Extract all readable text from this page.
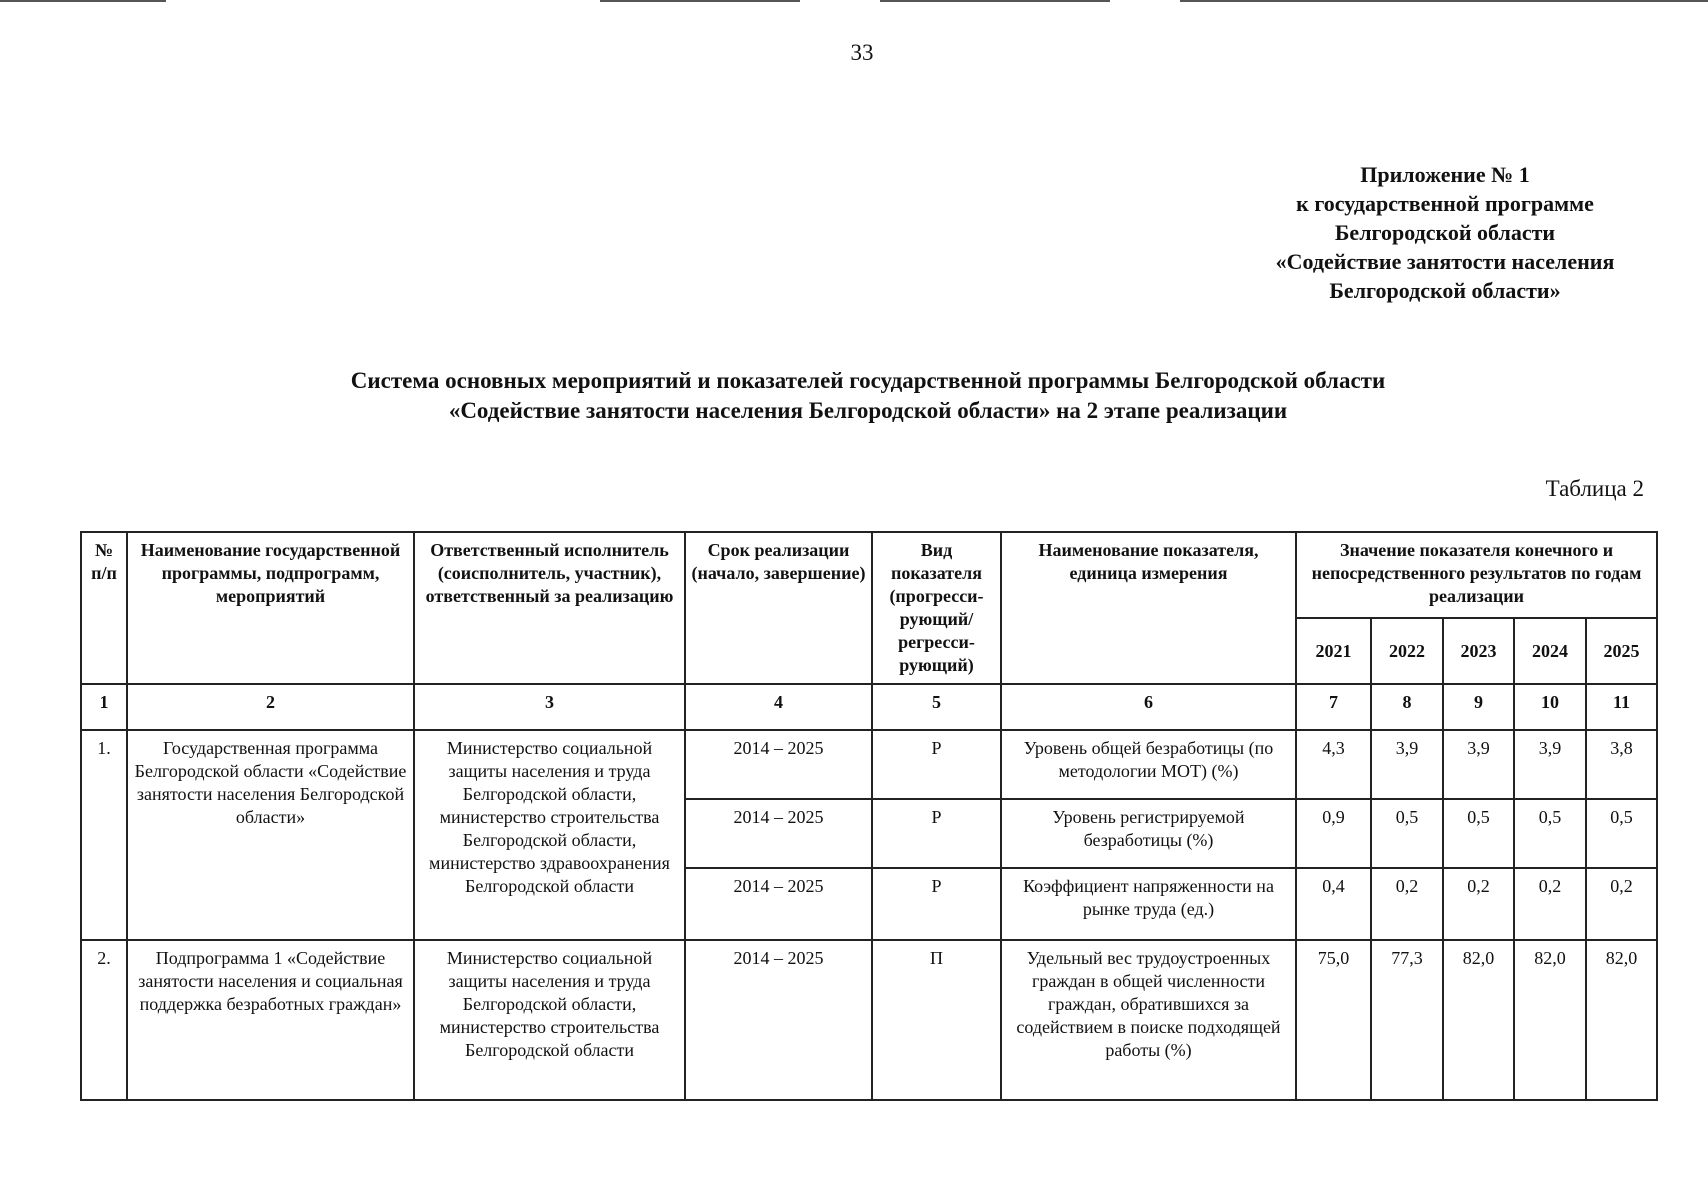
33
Приложение № 1
к государственной программе
Белгородской области
«Содействие занятости населения
Белгородской области»
Система основных мероприятий и показателей государственной программы Белгородской области
«Содействие занятости населения Белгородской области» на 2 этапе реализации
Таблица 2
№ п/п	Наименование государственной программы, подпрограмм, мероприятий	Ответственный исполнитель (соисполнитель, участник), ответственный за реализацию	Срок реализации (начало, завершение)	Вид показателя (прогресси-рующий/ регресси-рующий)	Наименование показателя, единица измерения	Значение показателя конечного и непосредственного результатов по годам реализации				
						2021	2022	2023	2024	2025
1	2	3	4	5	6	7	8	9	10	11
1.	Государственная программа Белгородской области «Содействие занятости населения Белгородской области»	Министерство социальной защиты населения и труда Белгородской области, министерство строительства Белгородской области, министерство здравоохранения Белгородской области	2014 – 2025	Р	Уровень общей безработицы (по методологии МОТ) (%)	4,3	3,9	3,9	3,9	3,8
			2014 – 2025	Р	Уровень регистрируемой безработицы (%)	0,9	0,5	0,5	0,5	0,5
			2014 – 2025	Р	Коэффициент напряженности на рынке труда (ед.)	0,4	0,2	0,2	0,2	0,2
2.	Подпрограмма 1 «Содействие занятости населения и социальная поддержка безработных граждан»	Министерство социальной защиты населения и труда Белгородской области, министерство строительства Белгородской области	2014 – 2025	П	Удельный вес трудоустроенных граждан в общей численности граждан, обратившихся за содействием в поиске подходящей работы (%)	75,0	77,3	82,0	82,0	82,0
